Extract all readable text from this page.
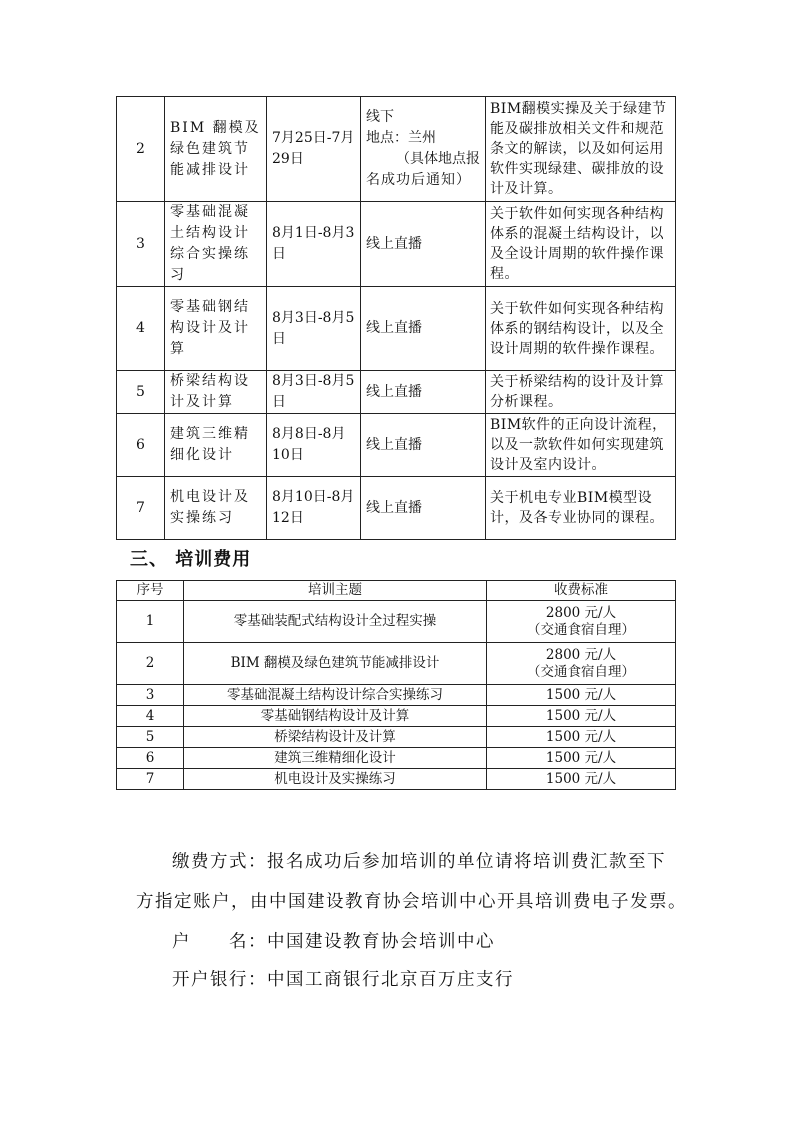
2	BIM 翻模及绿色建筑节能减排设计	7月25日-7月29日	线下
地点：兰州
（具体地点报
名成功后通知）	BIM翻模实操及关于绿建节能及碳排放相关文件和规范条文的解读，以及如何运用软件实现绿建、碳排放的设计及计算。
3	零基础混凝土结构设计综合实操练习	8月1日-8月3日	线上直播	关于软件如何实现各种结构体系的混凝土结构设计，以及全设计周期的软件操作课程。
4	零基础钢结构设计及计算	8月3日-8月5日	线上直播	关于软件如何实现各种结构体系的钢结构设计，以及全设计周期的软件操作课程。
5	桥梁结构设计及计算	8月3日-8月5日	线上直播	关于桥梁结构的设计及计算分析课程。
6	建筑三维精细化设计	8月8日-8月10日	线上直播	BIM软件的正向设计流程，以及一款软件如何实现建筑设计及室内设计。
7	机电设计及实操练习	8月10日-8月12日	线上直播	关于机电专业BIM模型设计，及各专业协同的课程。
三、 培训费用
序号	培训主题	收费标准
1	零基础装配式结构设计全过程实操	2800 元/人
（交通食宿自理）

2	BIM 翻模及绿色建筑节能减排设计	2800 元/人
（交通食宿自理）

3	零基础混凝土结构设计综合实操练习	1500 元/人
4	零基础钢结构设计及计算	1500 元/人
5	桥梁结构设计及计算	1500 元/人
6	建筑三维精细化设计	1500 元/人
7	机电设计及实操练习	1500 元/人
缴费方式：报名成功后参加培训的单位请将培训费汇款至下
方指定账户，由中国建设教育协会培训中心开具培训费电子发票。
户　　名：中国建设教育协会培训中心
开户银行：中国工商银行北京百万庄支行
